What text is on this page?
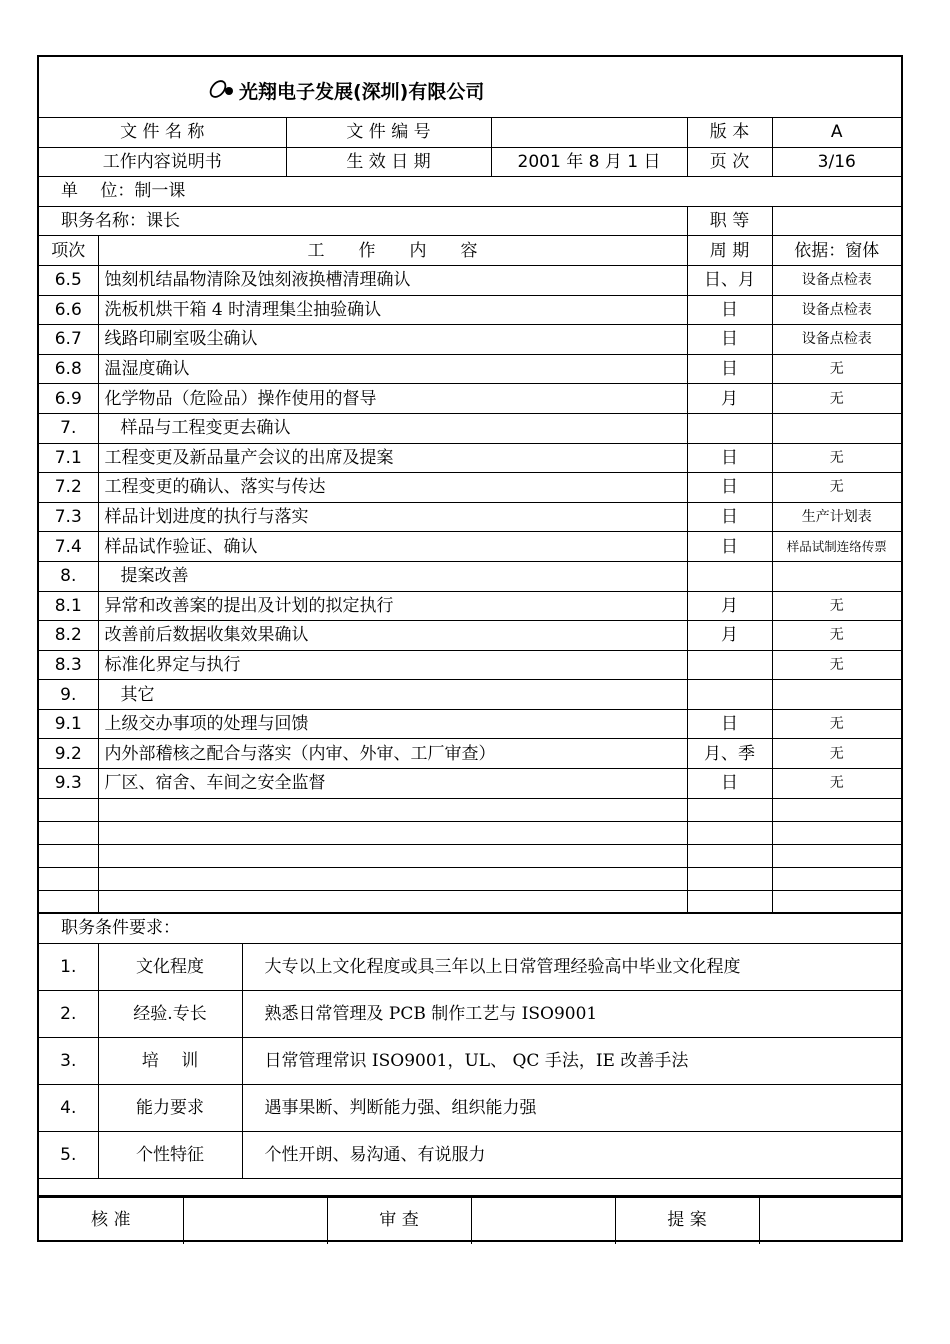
光翔电子发展(深圳)有限公司
文 件 名 称		文 件 编 号		版 本	A
工作内容说明书		生 效 日 期	2001 年 8 月 1 日	页 次	3/16
单　 位：制一课					
职务名称：课长				职 等	
项次	工　　作　　内　　容			周 期	依据：窗体
6.5	蚀刻机结晶物清除及蚀刻液换槽清理确认			日、月	设备点检表
6.6	洗板机烘干箱 4 时清理集尘抽验确认			日	设备点检表
6.7	线路印刷室吸尘确认			日	设备点检表
6.8	温湿度确认			日	无
6.9	化学物品（危险品）操作使用的督导			月	无
7.	样品与工程变更去确认				
7.1	工程变更及新品量产会议的出席及提案			日	无
7.2	工程变更的确认、落实与传达			日	无
7.3	样品计划进度的执行与落实			日	生产计划表
7.4	样品试作验证、确认			日	样品试制连络传票
8.	提案改善				
8.1	异常和改善案的提出及计划的拟定执行			月	无
8.2	改善前后数据收集效果确认			月	无
8.3	标准化界定与执行				无
9.	其它				
9.1	上级交办事项的处理与回馈			日	无
9.2	内外部稽核之配合与落实（内审、外审、工厂审查）			月、季	无
9.3	厂区、宿舍、车间之安全监督			日	无

职务条件要求：
1.	文化程度	大专以上文化程度或具三年以上日常管理经验高中毕业文化程度
2.	经验.专长	熟悉日常管理及 PCB 制作工艺与 ISO9001
3.	培　 训	日常管理常识 ISO9001，UL、 QC 手法，IE 改善手法
4.	能力要求	遇事果断、判断能力强、组织能力强
5.	个性特征	个性开朗、易沟通、有说服力

核 准		审 查		提 案	
